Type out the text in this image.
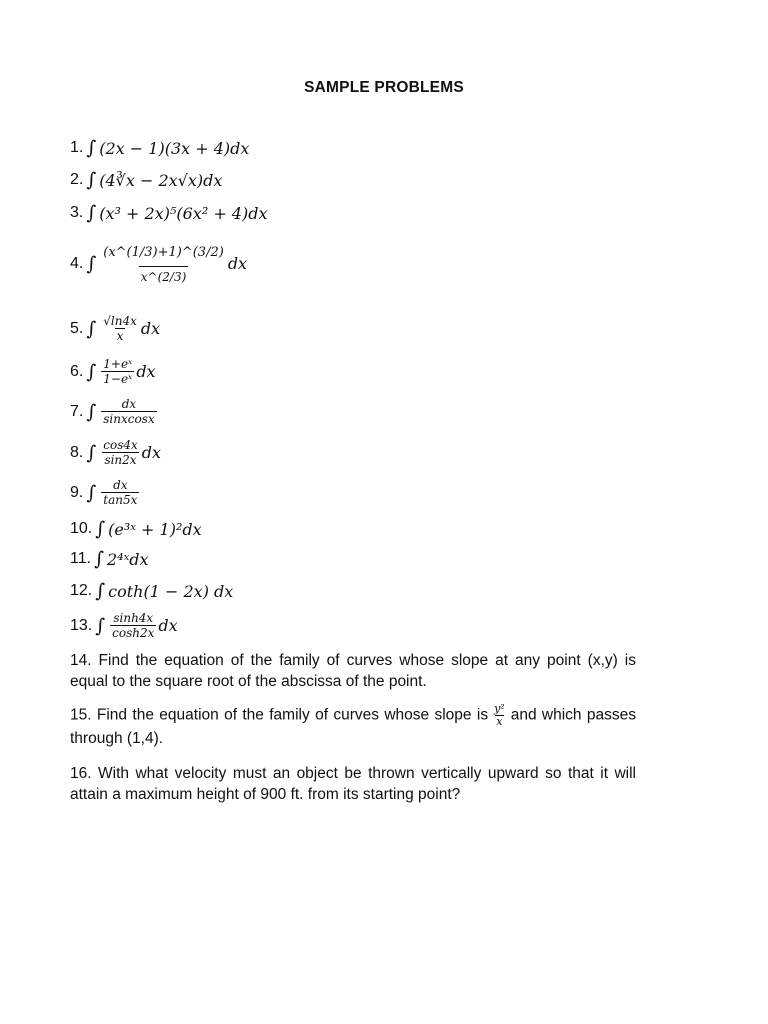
SAMPLE PROBLEMS
1. ∫ (2x − 1)(3x + 4)dx
2. ∫ (4∛x − 2x√x)dx
3. ∫ (x³ + 2x)⁵(6x² + 4)dx
4. ∫ $\frac{(x\^{}(1/3)+1)\^{}(3/2)}{x\^{}(2/3)}$ dx
5. ∫ $\frac{√\ln 4x}{x}$ dx
6. ∫ $\frac{\text{1+eˣ}}{\text{1−eˣ}}$ dx
7. ∫ $\frac{dx}{\text{sinxcosx}}$
8. ∫ $\frac{\cos 4x}{\sin 2x}$ dx
9. ∫ $\frac{dx}{\tan 5x}$
10. ∫ (e³ˣ + 1)²dx
11. ∫ 2⁴ˣdx
12. ∫ coth(1 − 2x) dx
13. ∫ $\frac{\sinh 4x}{\cosh 2x}$ dx
14. Find the equation of the family of curves whose slope at any point (x,y) is equal to the square root of the abscissa of the point.
15. Find the equation of the family of curves whose slope is $\frac{\text{y²}}{x}$ and which passes through (1,4).
16. With what velocity must an object be thrown vertically upward so that it will attain a maximum height of 900 ft. from its starting point?
